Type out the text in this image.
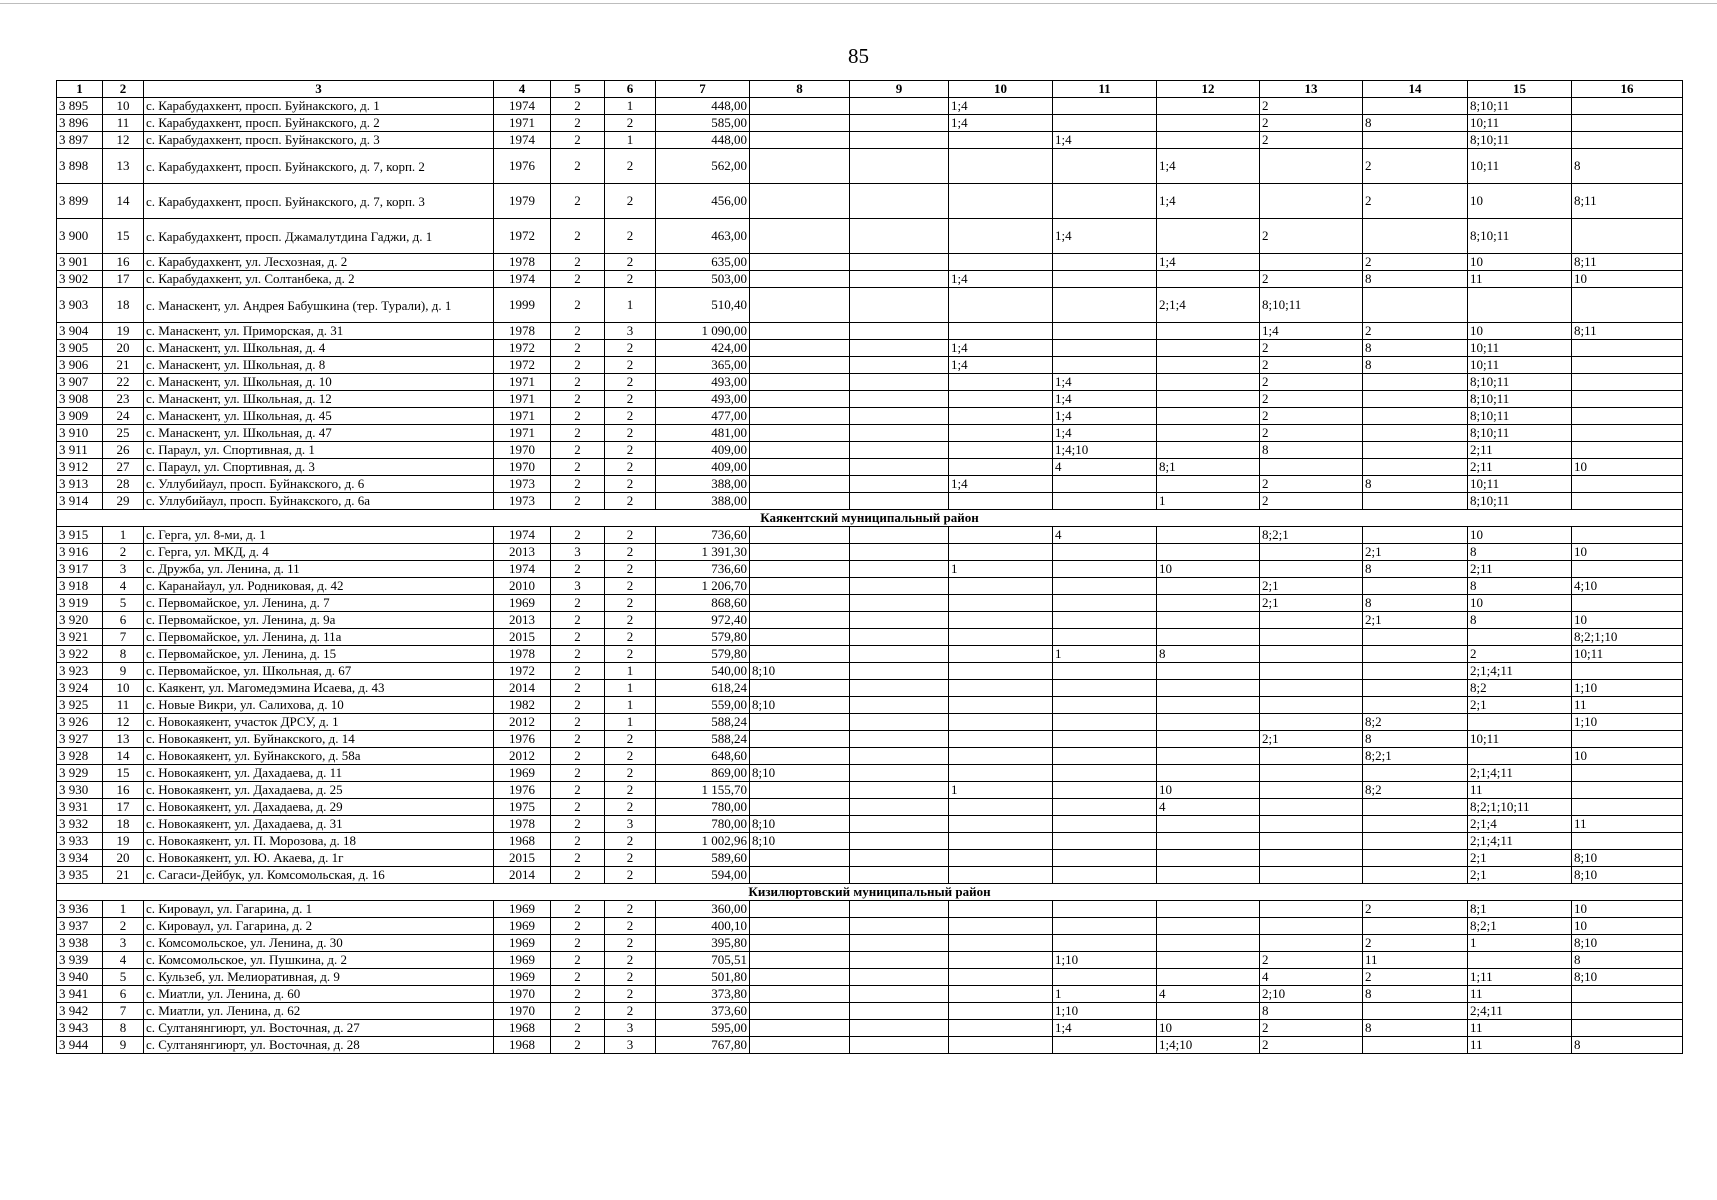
85
1	2	3	4	5	6	7	8	9	10	11	12	13	14	15	16
3 895	10	с. Карабудахкент, просп. Буйнакского, д. 1	1974	2	1	448,00			1;4			2		8;10;11	
3 896	11	с. Карабудахкент, просп. Буйнакского, д. 2	1971	2	2	585,00			1;4			2	8	10;11	
3 897	12	с. Карабудахкент, просп. Буйнакского, д. 3	1974	2	1	448,00				1;4		2		8;10;11	
3 898	13	с. Карабудахкент, просп. Буйнакского, д. 7, корп. 2	1976	2	2	562,00					1;4		2	10;11	8
3 899	14	с. Карабудахкент, просп. Буйнакского, д. 7, корп. 3	1979	2	2	456,00					1;4		2	10	8;11
3 900	15	с. Карабудахкент, просп. Джамалутдина Гаджи, д. 1	1972	2	2	463,00				1;4		2		8;10;11	
3 901	16	с. Карабудахкент, ул. Лесхозная, д. 2	1978	2	2	635,00					1;4		2	10	8;11
3 902	17	с. Карабудахкент, ул. Солтанбека, д. 2	1974	2	2	503,00			1;4			2	8	11	10
3 903	18	с. Манаскент, ул. Андрея Бабушкина (тер. Турали), д. 1	1999	2	1	510,40					2;1;4	8;10;11			
3 904	19	с. Манаскент, ул. Приморская, д. 31	1978	2	3	1 090,00						1;4	2	10	8;11
3 905	20	с. Манаскент, ул. Школьная, д. 4	1972	2	2	424,00			1;4			2	8	10;11	
3 906	21	с. Манаскент, ул. Школьная, д. 8	1972	2	2	365,00			1;4			2	8	10;11	
3 907	22	с. Манаскент, ул. Школьная, д. 10	1971	2	2	493,00				1;4		2		8;10;11	
3 908	23	с. Манаскент, ул. Школьная, д. 12	1971	2	2	493,00				1;4		2		8;10;11	
3 909	24	с. Манаскент, ул. Школьная, д. 45	1971	2	2	477,00				1;4		2		8;10;11	
3 910	25	с. Манаскент, ул. Школьная, д. 47	1971	2	2	481,00				1;4		2		8;10;11	
3 911	26	с. Параул, ул. Спортивная, д. 1	1970	2	2	409,00				1;4;10		8		2;11	
3 912	27	с. Параул, ул. Спортивная, д. 3	1970	2	2	409,00				4	8;1			2;11	10
3 913	28	с. Уллубийаул, просп. Буйнакского, д. 6	1973	2	2	388,00			1;4			2	8	10;11	
3 914	29	с. Уллубийаул, просп. Буйнакского, д. 6а	1973	2	2	388,00					1	2		8;10;11	
Каякентский муниципальный район															
3 915	1	с. Герга, ул. 8-ми, д. 1	1974	2	2	736,60				4		8;2;1		10	
3 916	2	с. Герга, ул. МКД, д. 4	2013	3	2	1 391,30							2;1	8	10
3 917	3	с. Дружба, ул. Ленина, д. 11	1974	2	2	736,60			1		10		8	2;11	
3 918	4	с. Каранайаул, ул. Родниковая, д. 42	2010	3	2	1 206,70						2;1		8	4;10
3 919	5	с. Первомайское, ул. Ленина, д. 7	1969	2	2	868,60						2;1	8	10	
3 920	6	с. Первомайское, ул. Ленина, д. 9а	2013	2	2	972,40							2;1	8	10
3 921	7	с. Первомайское, ул. Ленина, д. 11а	2015	2	2	579,80									8;2;1;10
3 922	8	с. Первомайское, ул. Ленина, д. 15	1978	2	2	579,80				1	8			2	10;11
3 923	9	с. Первомайское, ул. Школьная, д. 67	1972	2	1	540,00	8;10							2;1;4;11	
3 924	10	с. Каякент, ул. Магомедэмина Исаева, д. 43	2014	2	1	618,24								8;2	1;10
3 925	11	с. Новые Викри, ул. Салихова, д. 10	1982	2	1	559,00	8;10							2;1	11
3 926	12	с. Новокаякент, участок ДРСУ, д. 1	2012	2	1	588,24							8;2		1;10
3 927	13	с. Новокаякент, ул. Буйнакского, д. 14	1976	2	2	588,24						2;1	8	10;11	
3 928	14	с. Новокаякент, ул. Буйнакского, д. 58а	2012	2	2	648,60							8;2;1		10
3 929	15	с. Новокаякент, ул. Дахадаева, д. 11	1969	2	2	869,00	8;10							2;1;4;11	
3 930	16	с. Новокаякент, ул. Дахадаева, д. 25	1976	2	2	1 155,70			1		10		8;2	11	
3 931	17	с. Новокаякент, ул. Дахадаева, д. 29	1975	2	2	780,00					4			8;2;1;10;11	
3 932	18	с. Новокаякент, ул. Дахадаева, д. 31	1978	2	3	780,00	8;10							2;1;4	11
3 933	19	с. Новокаякент, ул. П. Морозова, д. 18	1968	2	2	1 002,96	8;10							2;1;4;11	
3 934	20	с. Новокаякент, ул. Ю. Акаева, д. 1г	2015	2	2	589,60								2;1	8;10
3 935	21	с. Сагаси-Дейбук, ул. Комсомольская, д. 16	2014	2	2	594,00								2;1	8;10
Кизилюртовский муниципальный район															
3 936	1	с. Кироваул, ул. Гагарина, д. 1	1969	2	2	360,00							2	8;1	10
3 937	2	с. Кироваул, ул. Гагарина, д. 2	1969	2	2	400,10								8;2;1	10
3 938	3	с. Комсомольское, ул. Ленина, д. 30	1969	2	2	395,80							2	1	8;10
3 939	4	с. Комсомольское, ул. Пушкина, д. 2	1969	2	2	705,51				1;10		2	11		8
3 940	5	с. Кульзеб, ул. Мелиоративная, д. 9	1969	2	2	501,80						4	2	1;11	8;10
3 941	6	с. Миатли, ул. Ленина, д. 60	1970	2	2	373,80				1	4	2;10	8	11	
3 942	7	с. Миатли, ул. Ленина, д. 62	1970	2	2	373,60				1;10		8		2;4;11	
3 943	8	с. Султанянгиюрт, ул. Восточная, д. 27	1968	2	3	595,00				1;4	10	2	8	11	
3 944	9	с. Султанянгиюрт, ул. Восточная, д. 28	1968	2	3	767,80					1;4;10	2		11	8
